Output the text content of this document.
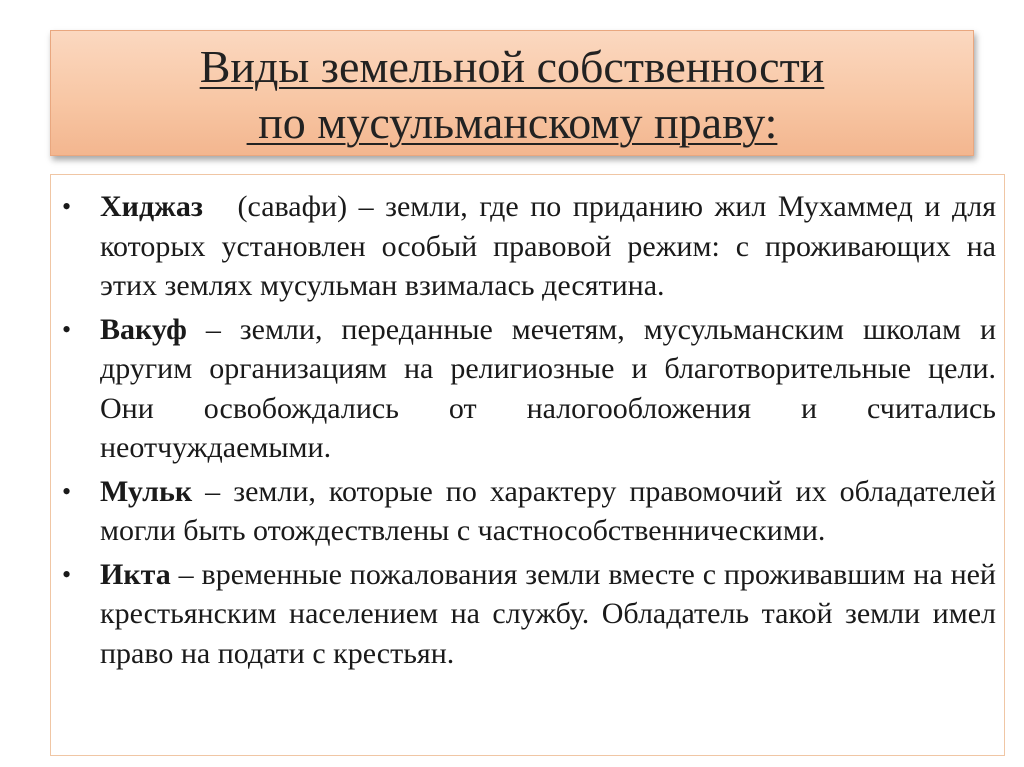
Виды земельной собственности
по мусульманскому праву:
• Хиджаз   (савафи) – земли, где по приданию жил Мухаммед и для которых установлен особый правовой режим: с проживающих на этих землях мусульман взималась десятина.
• Вакуф – земли, переданные мечетям, мусульманским школам и другим организациям на религиозные и благотворительные цели. Они освобождались от налогообложения и считались неотчуждаемыми.
• Мульк – земли, которые по характеру правомочий их обладателей могли быть отождествлены с частнособственническими.
• Икта – временные пожалования земли вместе с проживавшим на ней крестьянским населением на службу. Обладатель такой земли имел право на подати с крестьян.
